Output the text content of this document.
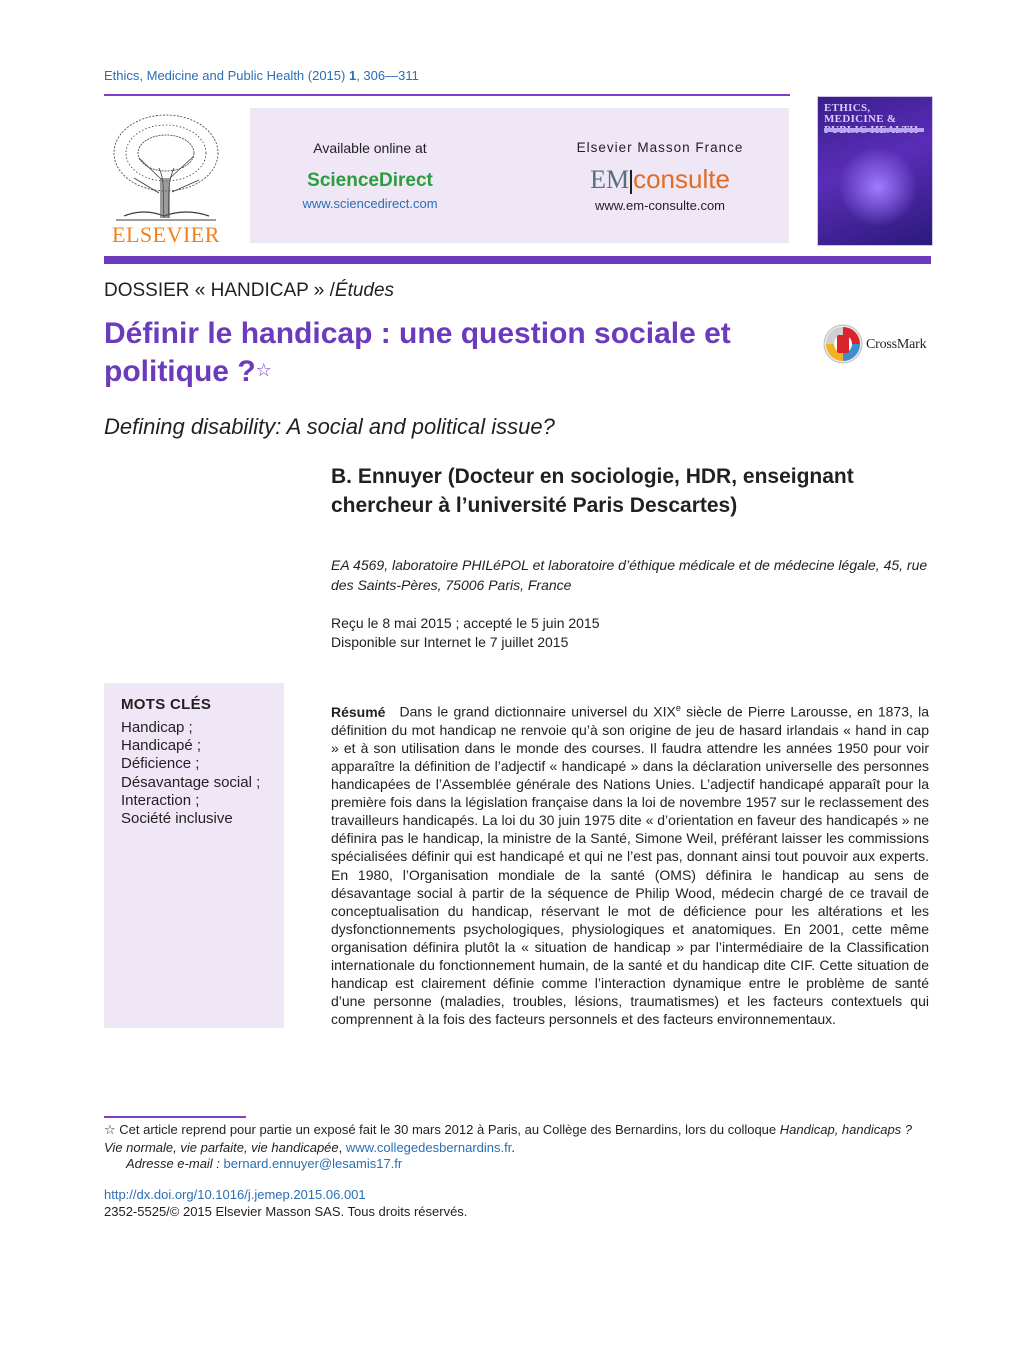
Ethics, Medicine and Public Health (2015) 1, 306—311
ELSEVIER
Available online at
ScienceDirect
www.sciencedirect.com
Elsevier Masson France
EM consulte
www.em-consulte.com
ETHICS, MEDICINE &
DOSSIER « HANDICAP » /Études
Définir le handicap : une question sociale et politique ?☆
CrossMark
Defining disability: A social and political issue?
B. Ennuyer (Docteur en sociologie, HDR, enseignant chercheur à l’université Paris Descartes)
EA 4569, laboratoire PHILéPOL et laboratoire d’éthique médicale et de médecine légale, 45, rue des Saints-Pères, 75006 Paris, France
Reçu le 8 mai 2015 ; accepté le 5 juin 2015
Disponible sur Internet le 7 juillet 2015
MOTS CLÉS
Handicap ;
Handicapé ;
Déficience ;
Désavantage social ;
Interaction ;
Société inclusive
Résumé Dans le grand dictionnaire universel du XIXe siècle de Pierre Larousse, en 1873, la définition du mot handicap ne renvoie qu’à son origine de jeu de hasard irlandais « hand in cap » et à son utilisation dans le monde des courses. Il faudra attendre les années 1950 pour voir apparaître la définition de l’adjectif « handicapé » dans la déclaration universelle des personnes handicapées de l’Assemblée générale des Nations Unies. L’adjectif handicapé apparaît pour la première fois dans la législation française dans la loi de novembre 1957 sur le reclassement des travailleurs handicapés. La loi du 30 juin 1975 dite « d’orientation en faveur des handicapés » ne définira pas le handicap, la ministre de la Santé, Simone Weil, préférant laisser les commissions spécialisées définir qui est handicapé et qui ne l’est pas, donnant ainsi tout pouvoir aux experts. En 1980, l’Organisation mondiale de la santé (OMS) définira le handicap au sens de désavantage social à partir de la séquence de Philip Wood, médecin chargé de ce travail de conceptualisation du handicap, réservant le mot de déficience pour les altérations et les dysfonctionnements psychologiques, physiologiques et anatomiques. En 2001, cette même organisation définira plutôt la « situation de handicap » par l’intermédiaire de la Classification internationale du fonctionnement humain, de la santé et du handicap dite CIF. Cette situation de handicap est clairement définie comme l’interaction dynamique entre le problème de santé d’une personne (maladies, troubles, lésions, traumatismes) et les facteurs contextuels qui comprennent à la fois des facteurs personnels et des facteurs environnementaux.
☆ Cet article reprend pour partie un exposé fait le 30 mars 2012 à Paris, au Collège des Bernardins, lors du colloque Handicap, handicaps ? Vie normale, vie parfaite, vie handicapée, www.collegedesbernardins.fr.
Adresse e-mail : bernard.ennuyer@lesamis17.fr
http://dx.doi.org/10.1016/j.jemep.2015.06.001
2352-5525/© 2015 Elsevier Masson SAS. Tous droits réservés.
